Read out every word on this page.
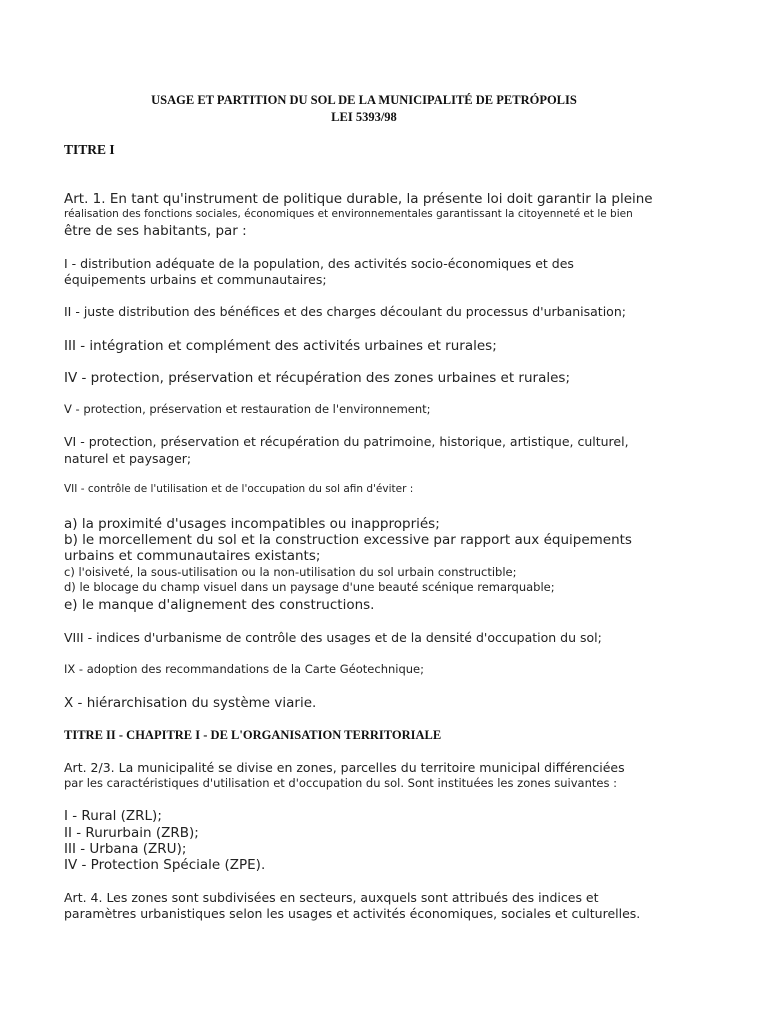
USAGE ET PARTITION DU SOL DE LA MUNICIPALITÉ DE PETRÓPOLIS

LEI 5393/98

TITRE I

Art. 1. En tant qu'instrument de politique durable, la présente loi doit garantir la pleine

réalisation des fonctions sociales, économiques et environnementales garantissant la citoyenneté et le bien

être de ses habitants, par :

I - distribution adéquate de la population, des activités socio-économiques et des

équipements urbains et communautaires;

II - juste distribution des bénéfices et des charges découlant du processus d'urbanisation;

III - intégration et complément des activités urbaines et rurales;

IV - protection, préservation et récupération des zones urbaines et rurales;

V - protection, préservation et restauration de l'environnement;

VI - protection, préservation et récupération du patrimoine, historique, artistique, culturel,

naturel et paysager;

VII - contrôle de l'utilisation et de l'occupation du sol afin d'éviter :

a) la proximité d'usages incompatibles ou inappropriés;

b) le morcellement du sol et la construction excessive par rapport aux équipements

urbains et communautaires existants;

c) l'oisiveté, la sous-utilisation ou la non-utilisation du sol urbain constructible;

d) le blocage du champ visuel dans un paysage d'une beauté scénique remarquable;

e) le manque d'alignement des constructions.

VIII - indices d'urbanisme de contrôle des usages et de la densité d'occupation du sol;

IX - adoption des recommandations de la Carte Géotechnique;

X - hiérarchisation du système viarie.

TITRE II - CHAPITRE I - DE L'ORGANISATION TERRITORIALE

Art. 2/3. La municipalité se divise en zones, parcelles du territoire municipal différenciées

par les caractéristiques d'utilisation et d'occupation du sol. Sont instituées les zones suivantes :

I - Rural (ZRL);

II - Rururbain (ZRB);

III - Urbana (ZRU);

IV - Protection Spéciale (ZPE).

Art. 4. Les zones sont subdivisées en secteurs, auxquels sont attribués des indices et

paramètres urbanistiques selon les usages et activités économiques, sociales et culturelles.
